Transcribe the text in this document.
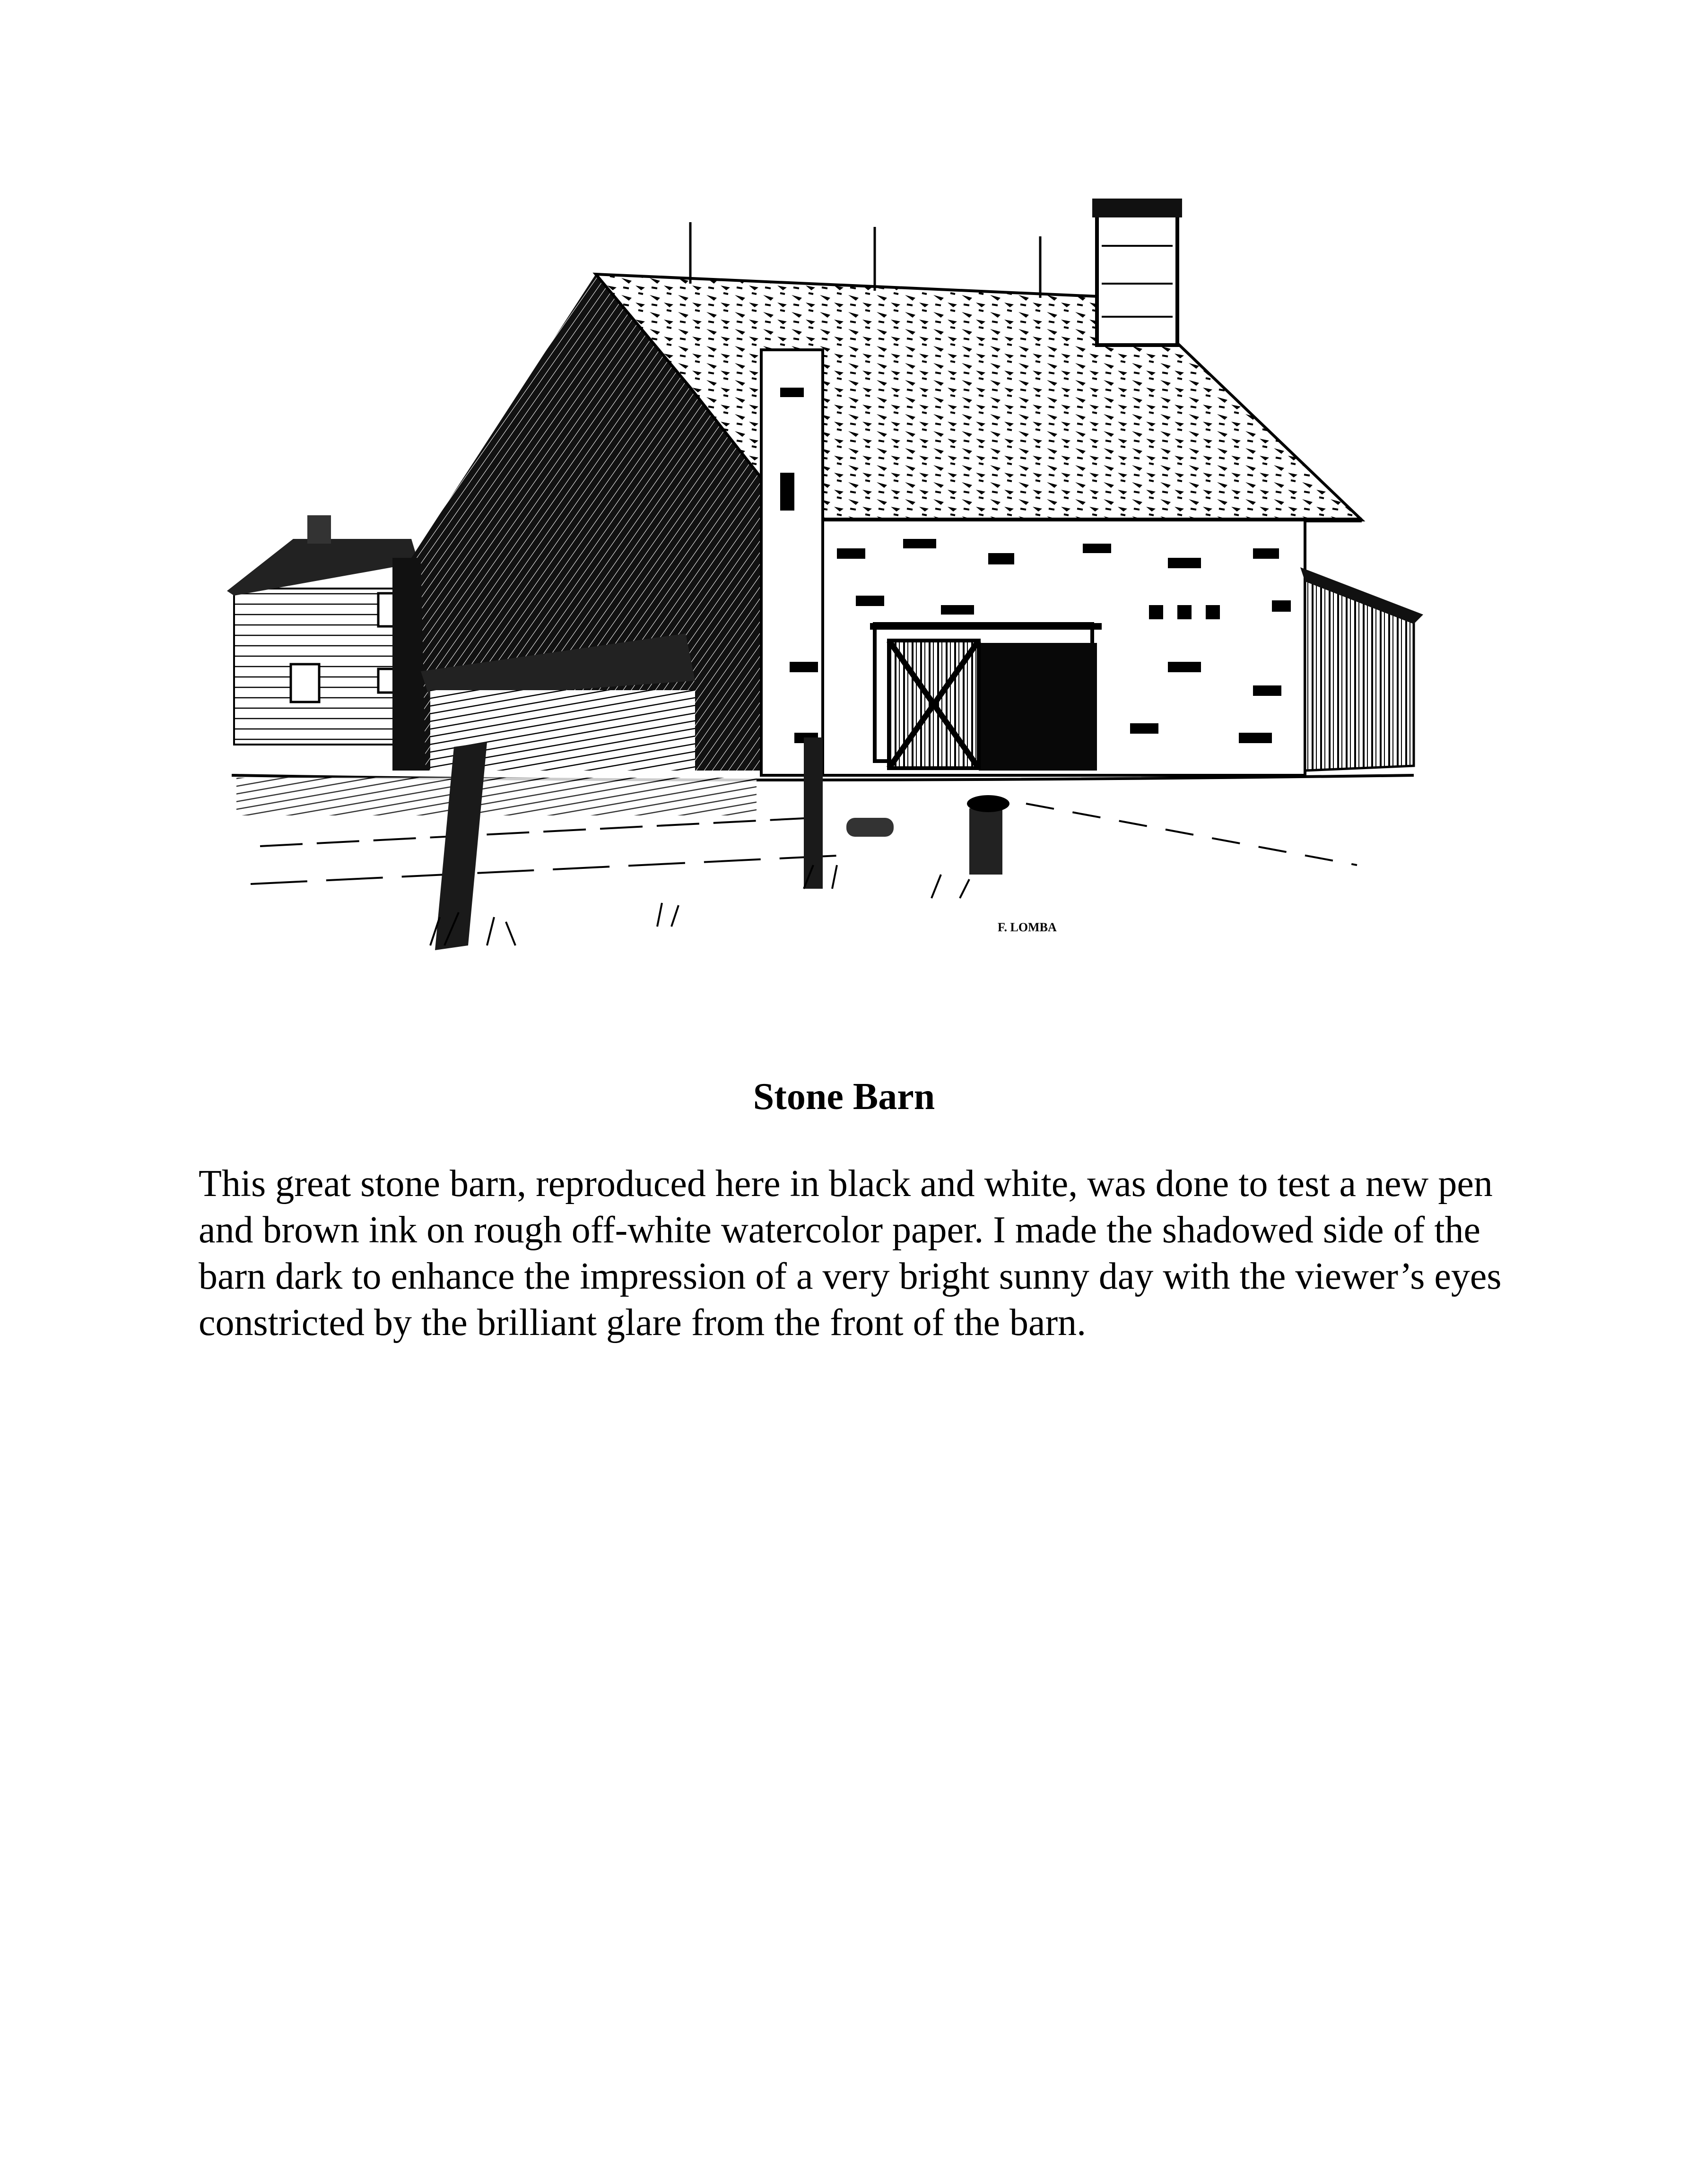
F. LOMBA
Stone Barn
This great stone barn, reproduced here in black and white, was done to test a new pen and brown ink on rough off-white watercolor paper. I made the shadowed side of the barn dark to enhance the impression of a very bright sunny day with the viewer’s eyes constricted by the brilliant glare from the front of the barn.
